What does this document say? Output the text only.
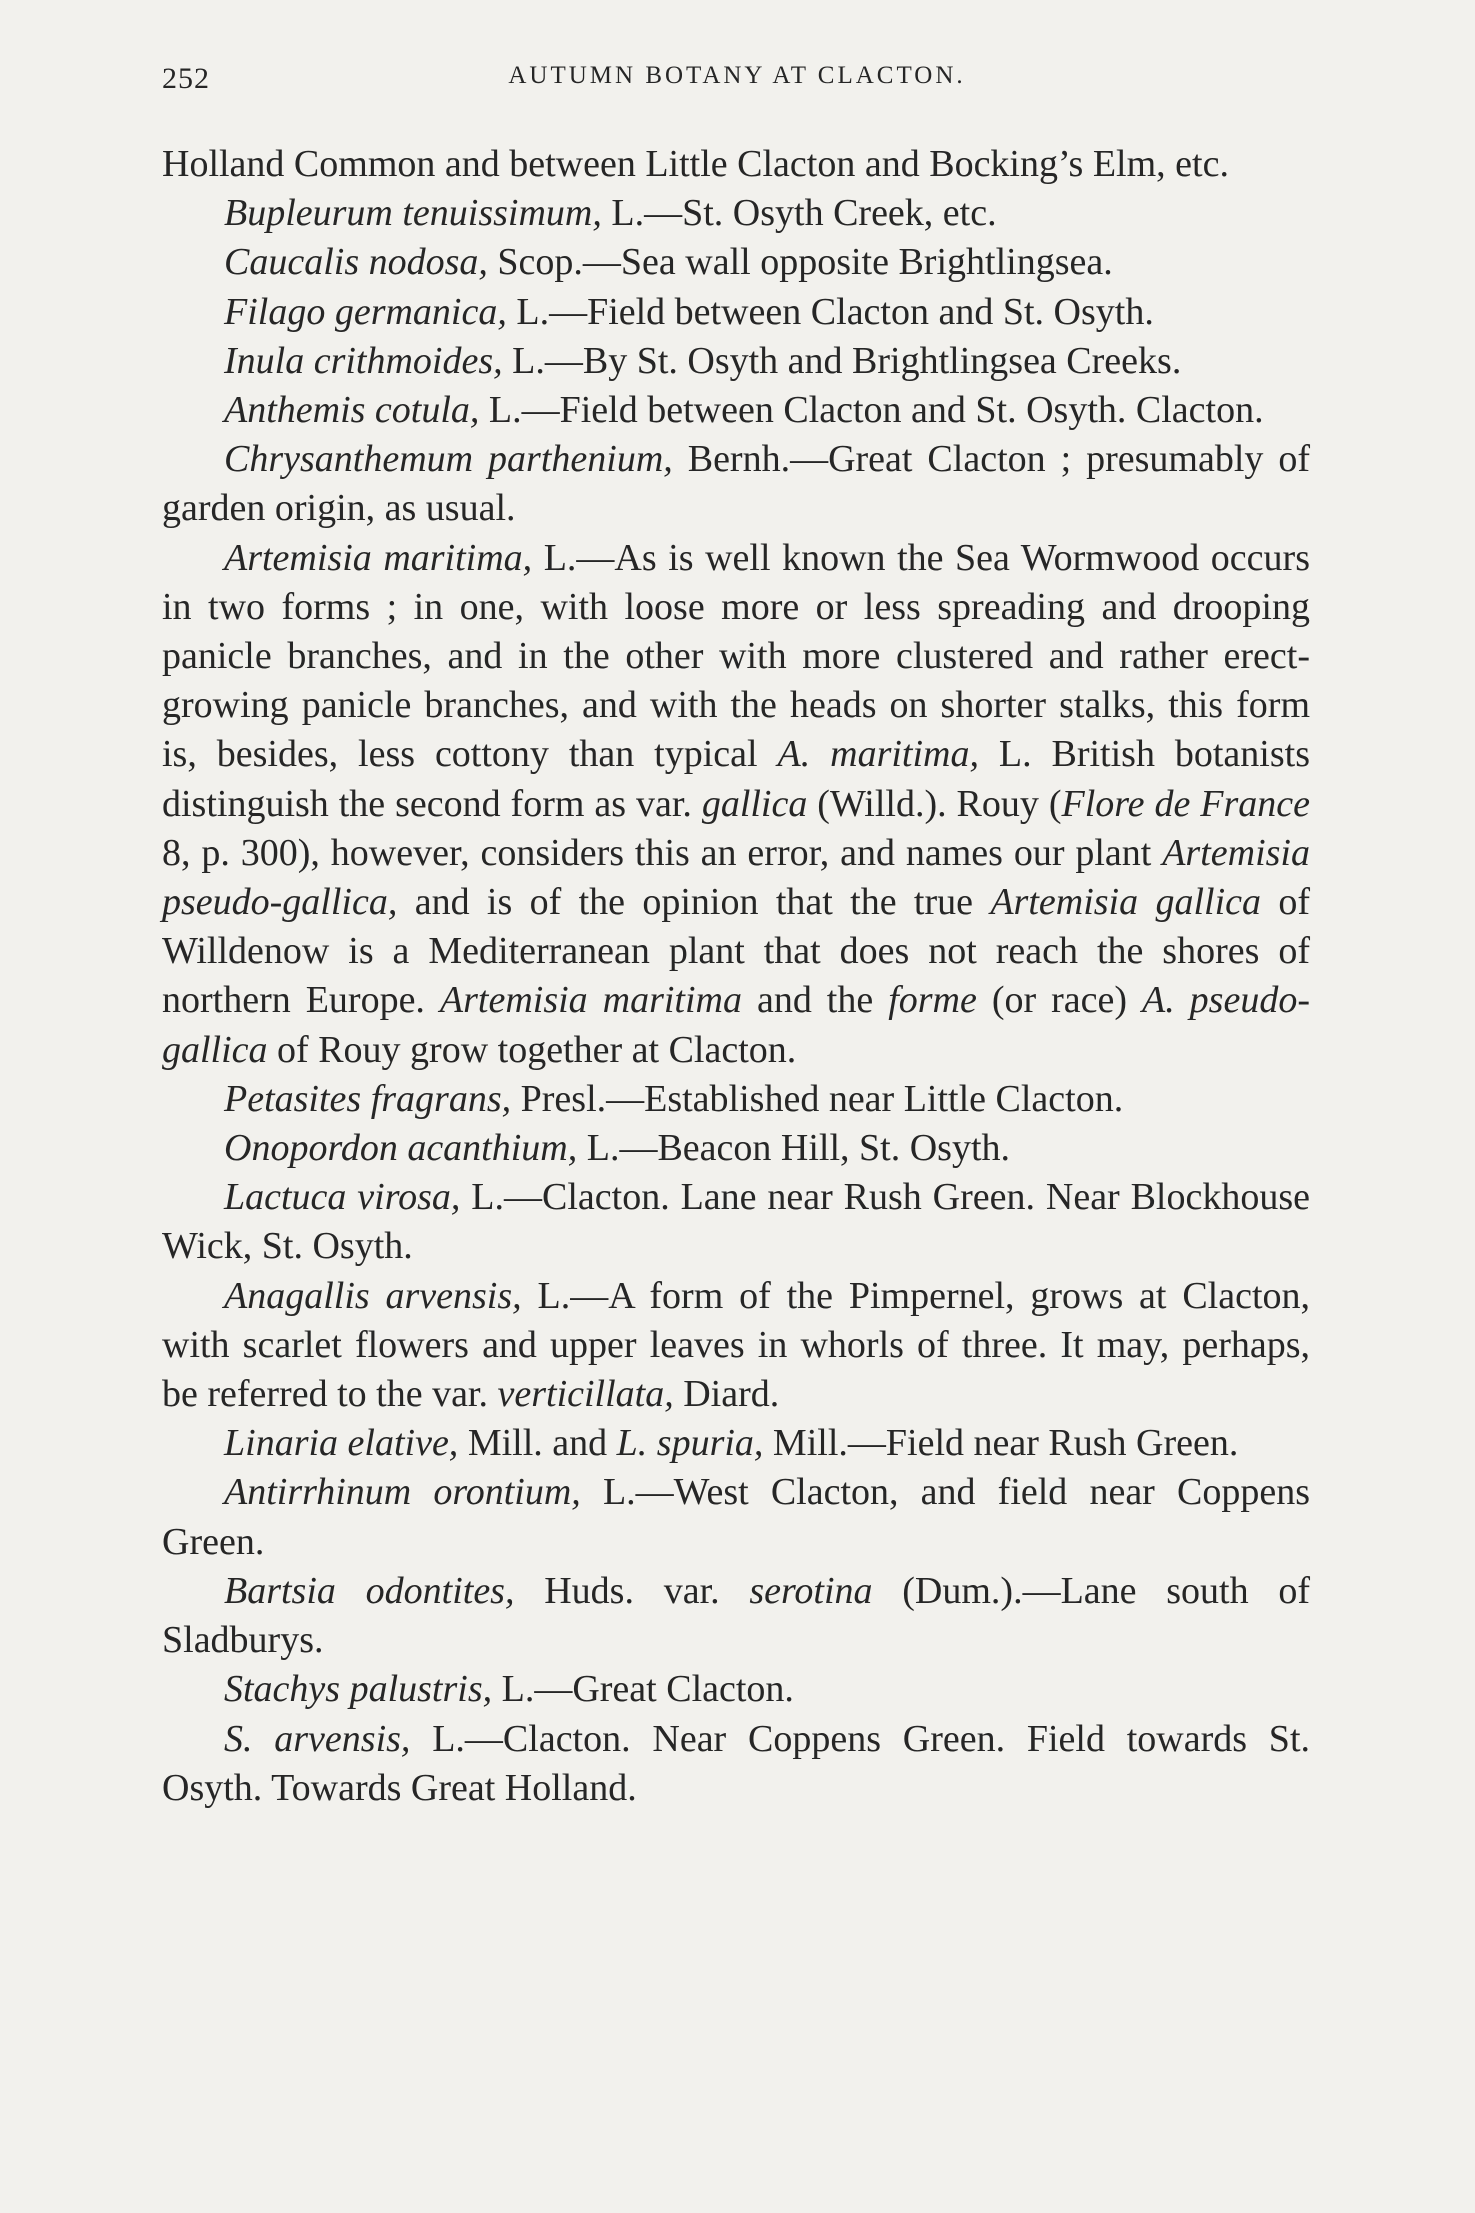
252	AUTUMN BOTANY AT CLACTON.

Holland Common and between Little Clacton and Bocking’s Elm, etc.

Bupleurum tenuissimum, L.—St. Osyth Creek, etc.

Caucalis nodosa, Scop.—Sea wall opposite Brightlingsea.

Filago germanica, L.—Field between Clacton and St. Osyth.

Inula crithmoides, L.—By St. Osyth and Brightlingsea Creeks.

Anthemis cotula, L.—Field between Clacton and St. Osyth. Clacton.

Chrysanthemum parthenium, Bernh.—Great Clacton ; presumably of garden origin, as usual.

Artemisia maritima, L.—As is well known the Sea Wormwood occurs in two forms ; in one, with loose more or less spreading and drooping panicle branches, and in the other with more clustered and rather erect-growing panicle branches, and with the heads on shorter stalks, this form is, besides, less cottony than typical A. maritima, L. British botanists distinguish the second form as var. gallica (Willd.). Rouy (Flore de France 8, p. 300), however, considers this an error, and names our plant Artemisia pseudo-gallica, and is of the opinion that the true Artemisia gallica of Willdenow is a Mediterranean plant that does not reach the shores of northern Europe. Artemisia maritima and the forme (or race) A. pseudo-gallica of Rouy grow together at Clacton.

Petasites fragrans, Presl.—Established near Little Clacton.

Onopordon acanthium, L.—Beacon Hill, St. Osyth.

Lactuca virosa, L.—Clacton. Lane near Rush Green. Near Blockhouse Wick, St. Osyth.

Anagallis arvensis, L.—A form of the Pimpernel, grows at Clacton, with scarlet flowers and upper leaves in whorls of three. It may, perhaps, be referred to the var. verticillata, Diard.

Linaria elative, Mill. and L. spuria, Mill.—Field near Rush Green.

Antirrhinum orontium, L.—West Clacton, and field near Coppens Green.

Bartsia odontites, Huds. var. serotina (Dum.).—Lane south of Sladburys.

Stachys palustris, L.—Great Clacton.

S. arvensis, L.—Clacton. Near Coppens Green. Field towards St. Osyth. Towards Great Holland.
